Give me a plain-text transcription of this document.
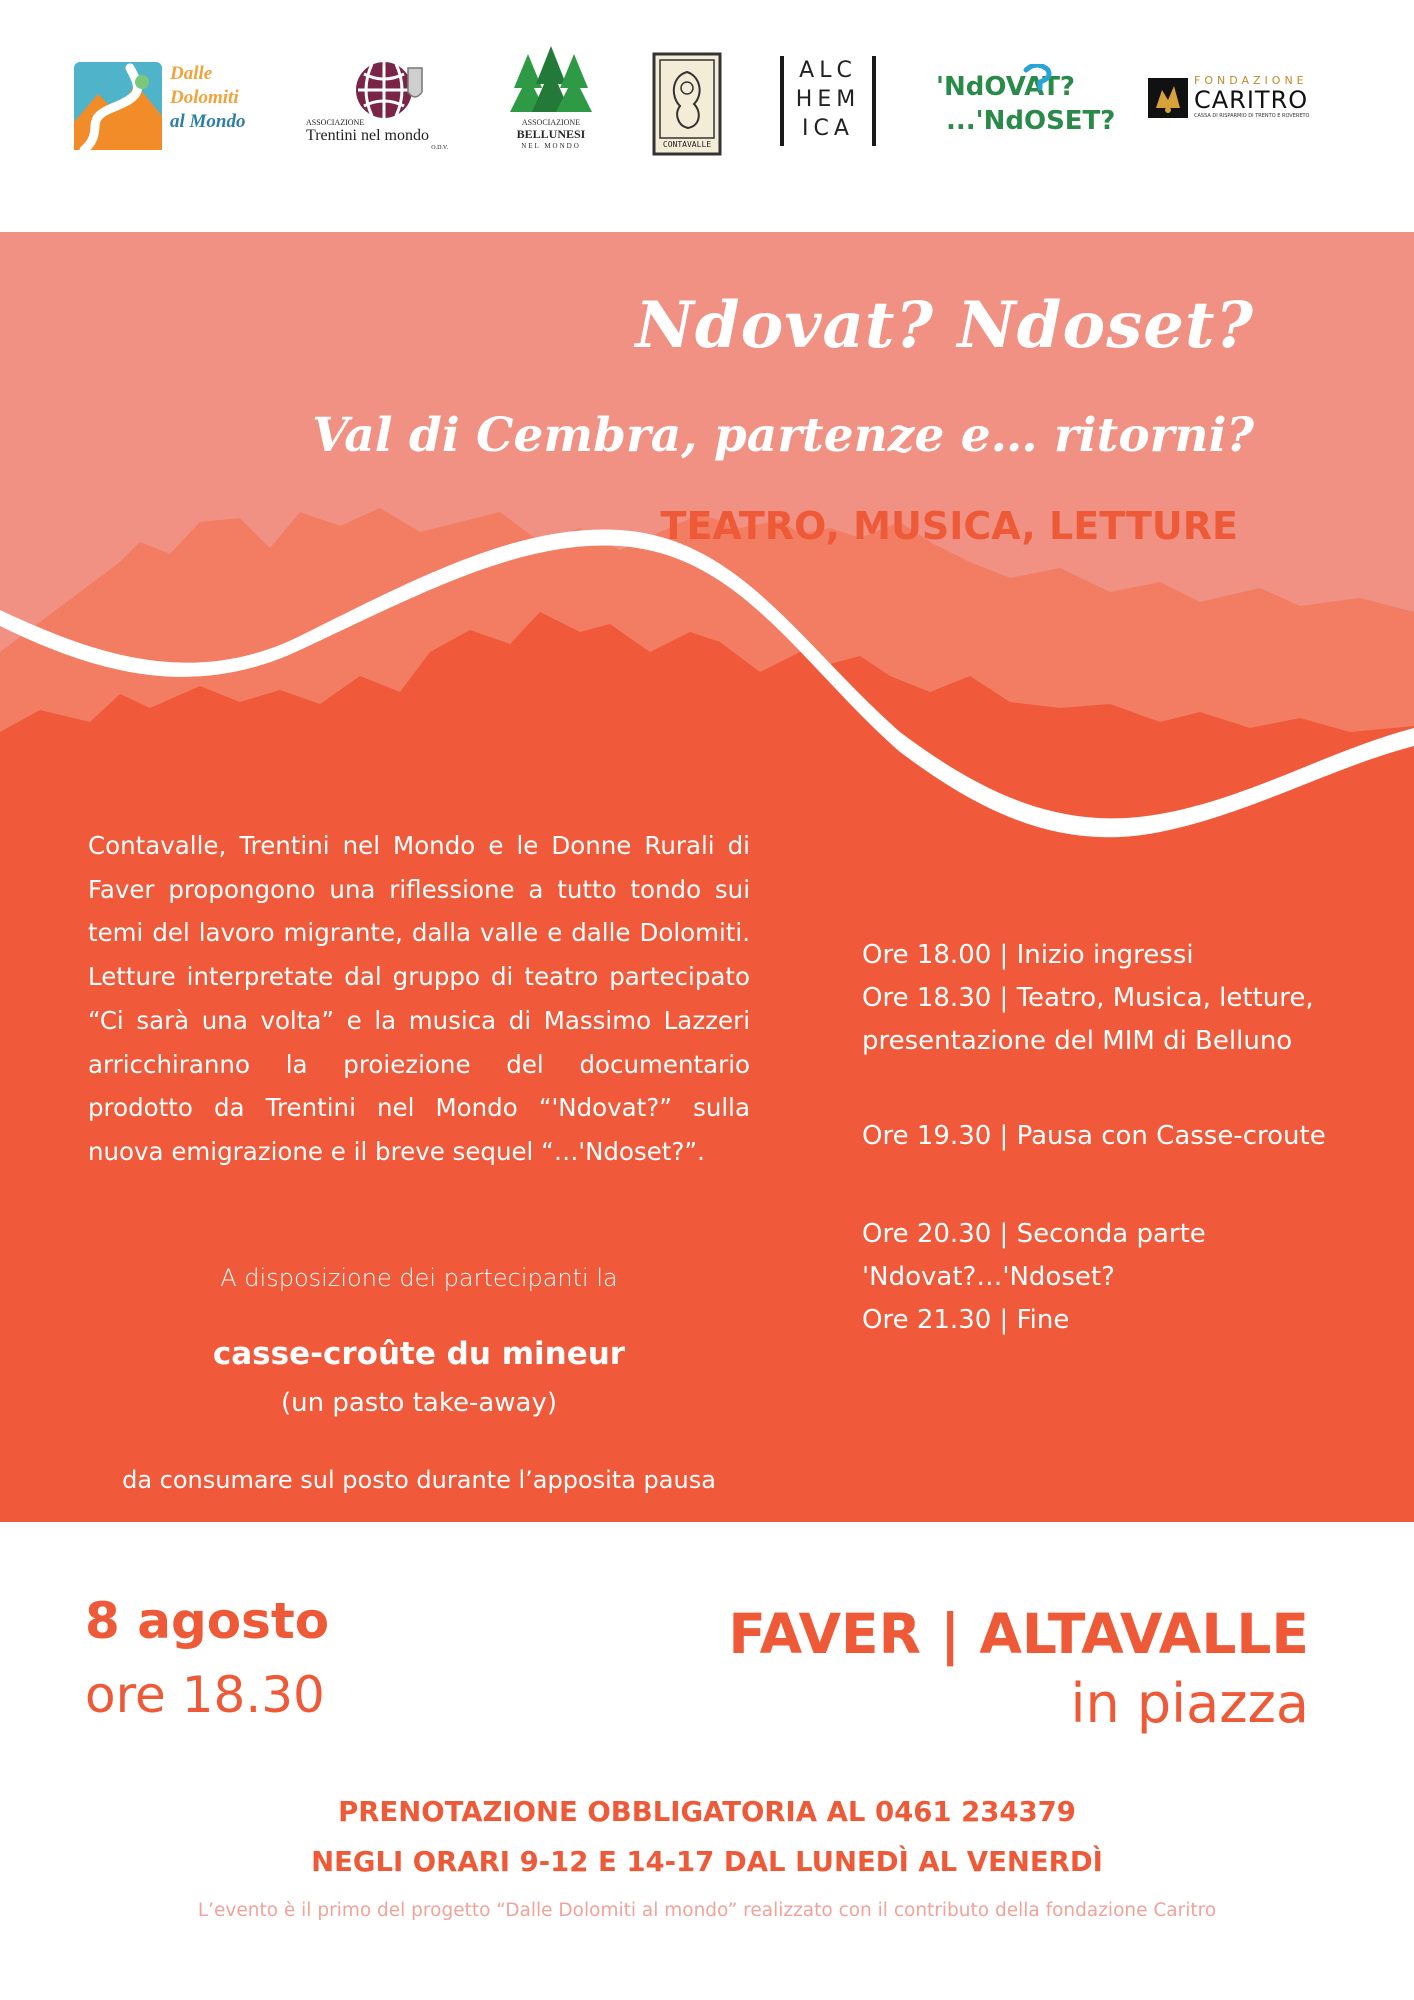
Dalle
Dolomiti
al Mondo	ASSOCIAZIONE
Trentini nel mondo
O.D.V.
ASSOCIAZIONE
BELLUNESI
NEL MONDO	CONTAVALLE
ALC
HEM
ICA
'NdOVAT?
...'NdOSET?
FONDAZIONE
CARITRO
CASSA DI RISPARMIO DI TRENTO E ROVERETO
Ndovat? Ndoset?
Val di Cembra, partenze e… ritorni?
TEATRO, MUSICA, LETTURE
Contavalle, Trentini nel Mondo e le Donne Rurali di Faver propongono una riflessione a tutto tondo sui temi del lavoro migrante, dalla valle e dalle Dolomiti. Letture interpretate dal gruppo di teatro partecipato “Ci sarà una volta” e la musica di Massimo Lazzeri arricchiranno la proiezione del documentario prodotto da Trentini nel Mondo “'Ndovat?” sulla nuova emigrazione e il breve sequel “…'Ndoset?”.
A disposizione dei partecipanti la
casse-croûte du mineur
(un pasto take-away)
da consumare sul posto durante l’apposita pausa
Ore 18.00 | Inizio ingressi
Ore 18.30 | Teatro, Musica, letture,
presentazione del MIM di Belluno
Ore 19.30 | Pausa con Casse-croute
Ore 20.30 | Seconda parte
'Ndovat?…'Ndoset?
Ore 21.30 | Fine
8 agosto
ore 18.30
FAVER | ALTAVALLE
in piazza
PRENOTAZIONE OBBLIGATORIA AL 0461 234379
NEGLI ORARI 9-12 E 14-17 DAL LUNEDÌ AL VENERDÌ
L’evento è il primo del progetto “Dalle Dolomiti al mondo” realizzato con il contributo della fondazione Caritro
